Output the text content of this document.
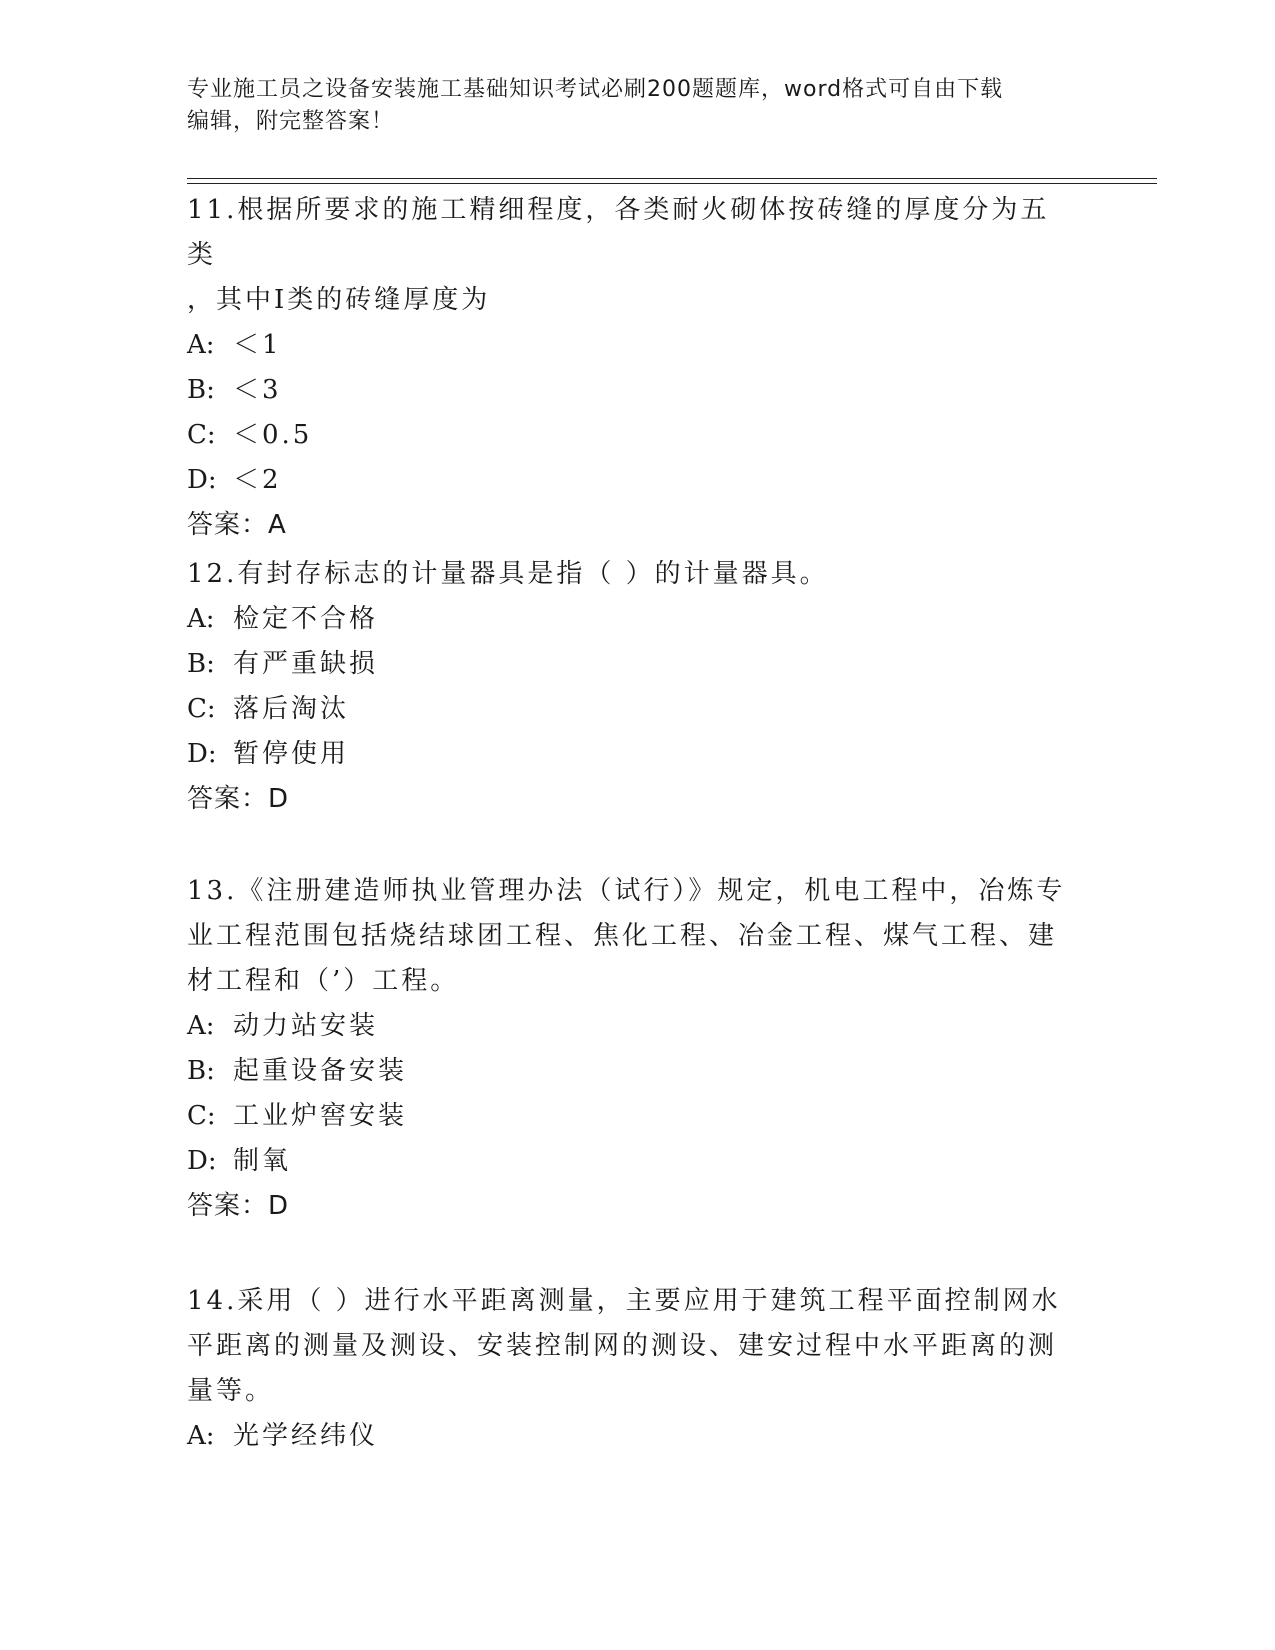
专业施工员之设备安装施工基础知识考试必刷200题题库，word格式可自由下载
编辑，附完整答案！

11.根据所要求的施工精细程度，各类耐火砌体按砖缝的厚度分为五类

，其中Ⅰ类的砖缝厚度为

A: ＜1

B: ＜3

C: ＜0.5

D: ＜2

答案：A

12.有封存标志的计量器具是指（ ）的计量器具。

A: 检定不合格

B: 有严重缺损

C: 落后淘汰

D: 暂停使用

答案：D

13.《注册建造师执业管理办法（试行）》规定，机电工程中，冶炼专

业工程范围包括烧结球团工程、焦化工程、冶金工程、煤气工程、建

材工程和（’）工程。

A: 动力站安装

B: 起重设备安装

C: 工业炉窖安装

D: 制氧

答案：D

14.采用（ ）进行水平距离测量，主要应用于建筑工程平面控制网水

平距离的测量及测设、安装控制网的测设、建安过程中水平距离的测

量等。

A: 光学经纬仪
